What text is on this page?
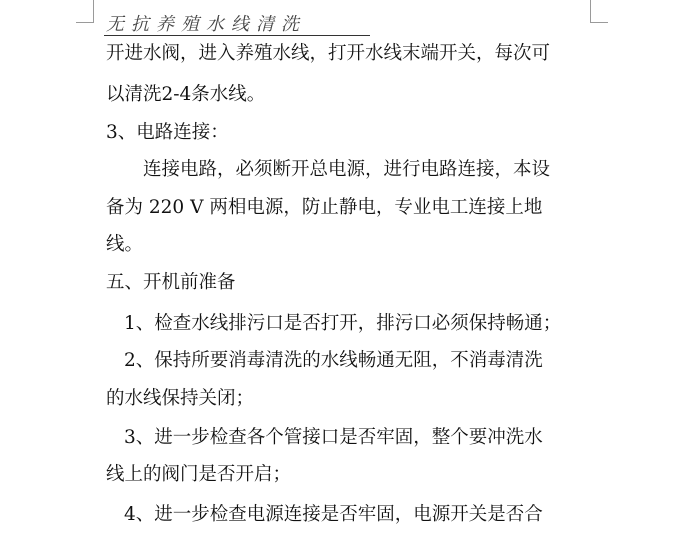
无抗养殖水线清洗
开进水阀，进入养殖水线，打开水线末端开关，每次可
以清洗2-4条水线。
3、电路连接：
连接电路，必须断开总电源，进行电路连接，本设
备为 220 V 两相电源，防止静电，专业电工连接上地
线。
五、开机前准备
1、检查水线排污口是否打开，排污口必须保持畅通；
2、保持所要消毒清洗的水线畅通无阻，不消毒清洗
的水线保持关闭；
3、进一步检查各个管接口是否牢固，整个要冲洗水
线上的阀门是否开启；
4、进一步检查电源连接是否牢固，电源开关是否合
